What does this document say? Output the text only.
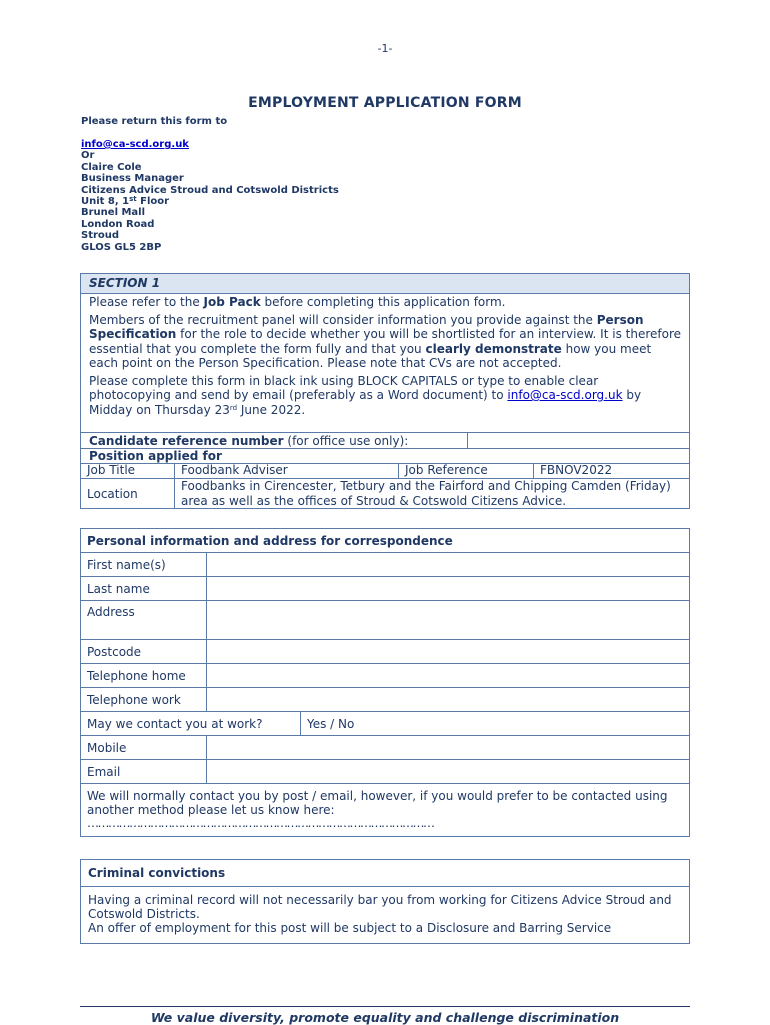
-1-
EMPLOYMENT APPLICATION FORM
Please return this form to
info@ca-scd.org.uk
Or
Claire Cole
Business Manager
Citizens Advice Stroud and Cotswold Districts
Unit 8, 1st Floor
Brunel Mall
London Road
Stroud
GLOS GL5 2BP
SECTION 1

Please refer to the Job Pack before completing this application form.

Members of the recruitment panel will consider information you provide against the Person Specification for the role to decide whether you will be shortlisted for an interview. It is therefore essential that you complete the form fully and that you clearly demonstrate how you meet each point on the Person Specification. Please note that CVs are not accepted.

Please complete this form in black ink using BLOCK CAPITALS or type to enable clear photocopying and send by email (preferably as a Word document) to info@ca-scd.org.uk by Midday on Thursday 23rd June 2022.

Candidate reference number (for office use only):
Position applied for
Job Title	Foodbank Adviser	Job Reference	FBNOV2022
Location	Foodbanks in Cirencester, Tetbury and the Fairford and Chipping Camden (Friday) area as well as the offices of Stroud & Cotswold Citizens Advice.		
Personal information and address for correspondence
First name(s)	
Last name	
Address	
Postcode	
Telephone home	
Telephone work	

May we contact you at work?	Yes / No

Mobile	
Email	

We will normally contact you by post / email, however, if you would prefer to be contacted using another method please let us know here:
………………………………………………………………………………………
Criminal convictions

Having a criminal record will not necessarily bar you from working for Citizens Advice Stroud and Cotswold Districts.

An offer of employment for this post will be subject to a Disclosure and Barring Service

We value diversity, promote equality and challenge discrimination
